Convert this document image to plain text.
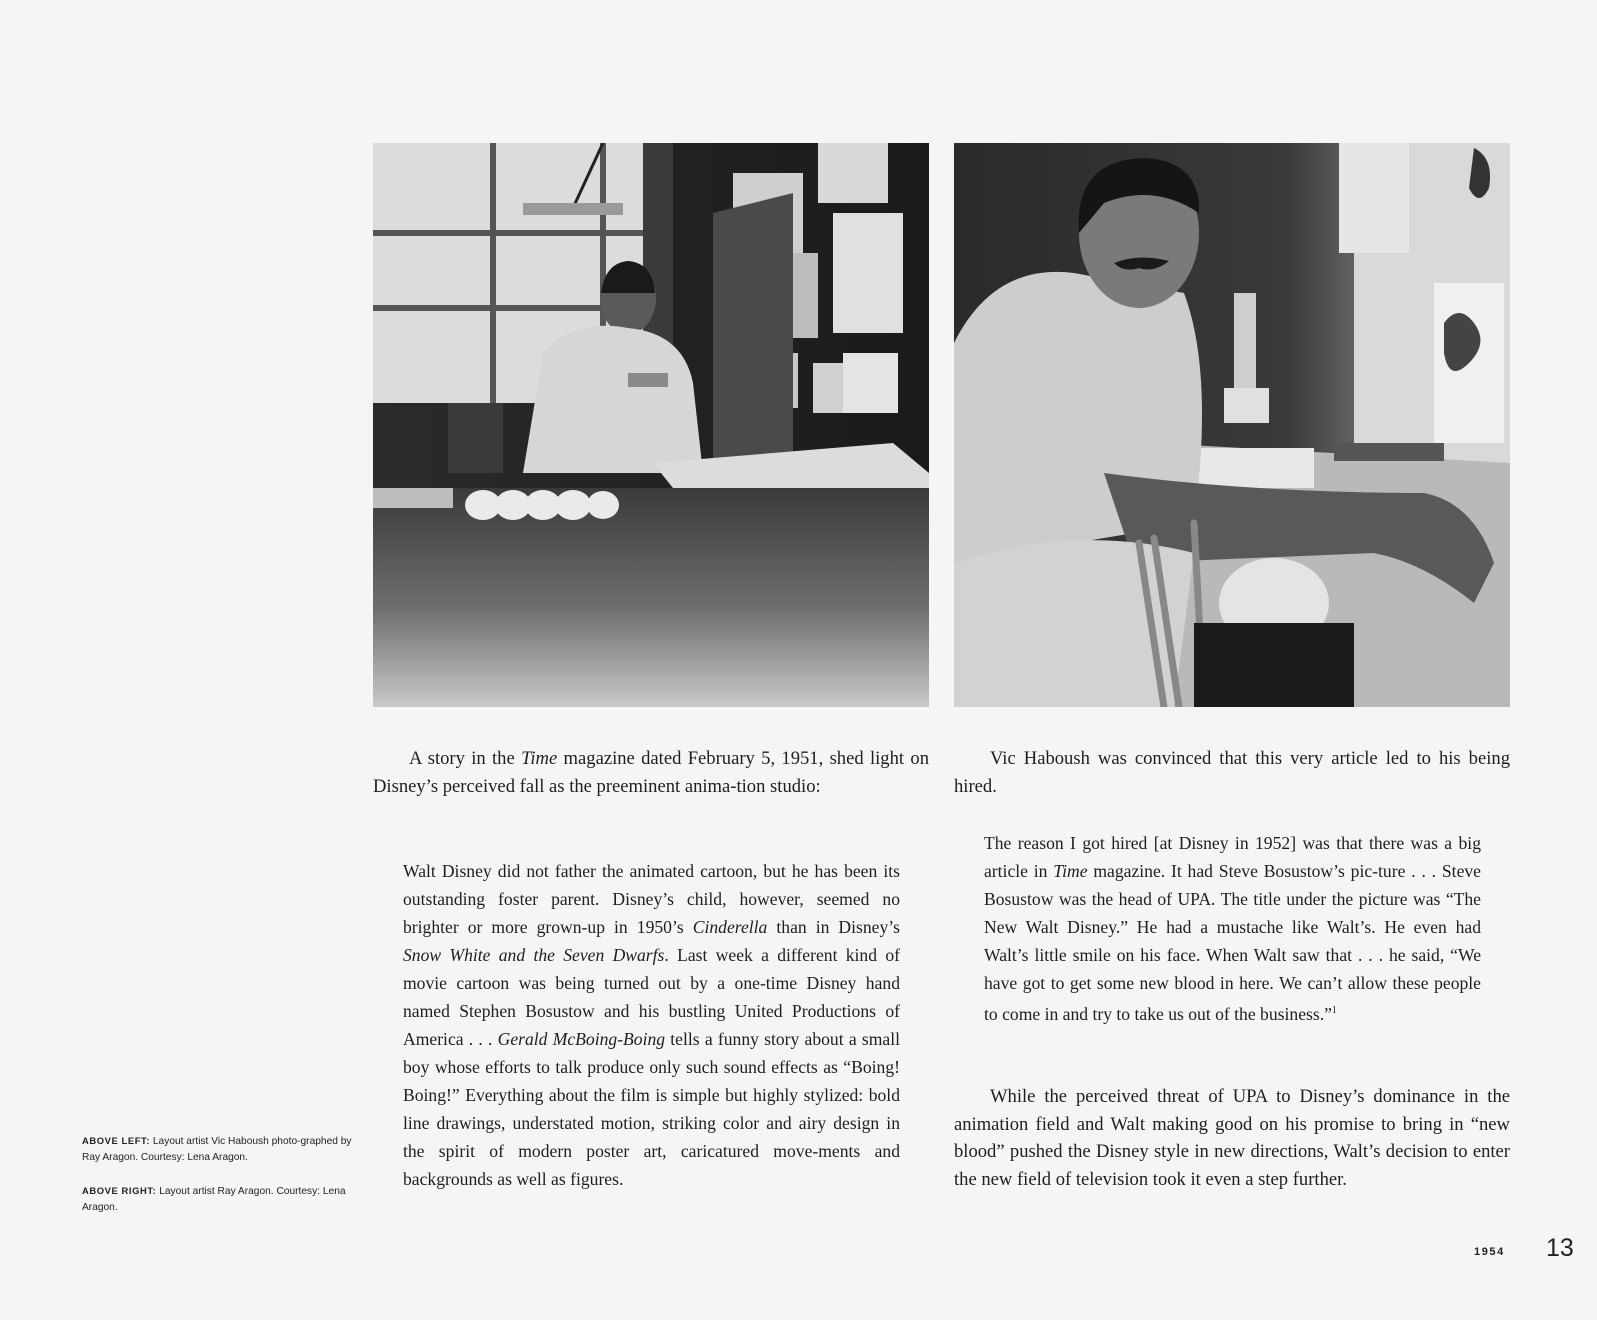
A story in the Time magazine dated February 5, 1951, shed light on Disney’s perceived fall as the preeminent anima-tion studio:

Walt Disney did not father the animated cartoon, but he has been its outstanding foster parent. Disney’s child, however, seemed no brighter or more grown-up in 1950’s Cinderella than in Disney’s Snow White and the Seven Dwarfs. Last week a different kind of movie cartoon was being turned out by a one-time Disney hand named Stephen Bosustow and his bustling United Productions of America . . . Gerald McBoing-Boing tells a funny story about a small boy whose efforts to talk produce only such sound effects as “Boing! Boing!” Everything about the film is simple but highly stylized: bold line drawings, understated motion, striking color and airy design in the spirit of modern poster art, caricatured move-ments and backgrounds as well as figures.

Vic Haboush was convinced that this very article led to his being hired.

The reason I got hired [at Disney in 1952] was that there was a big article in Time magazine. It had Steve Bosustow’s pic-ture . . . Steve Bosustow was the head of UPA. The title under the picture was “The New Walt Disney.” He had a mustache like Walt’s. He even had Walt’s little smile on his face. When Walt saw that . . . he said, “We have got to get some new blood in here. We can’t allow these people to come in and try to take us out of the business.”$^1$

While the perceived threat of UPA to Disney’s dominance in the animation field and Walt making good on his promise to bring in “new blood” pushed the Disney style in new directions, Walt’s decision to enter the new field of television took it even a step further.

ABOVE LEFT: Layout artist Vic Haboush photo-graphed by Ray Aragon. Courtesy: Lena Aragon.
ABOVE RIGHT: Layout artist Ray Aragon. Courtesy: Lena Aragon.
1954 13
